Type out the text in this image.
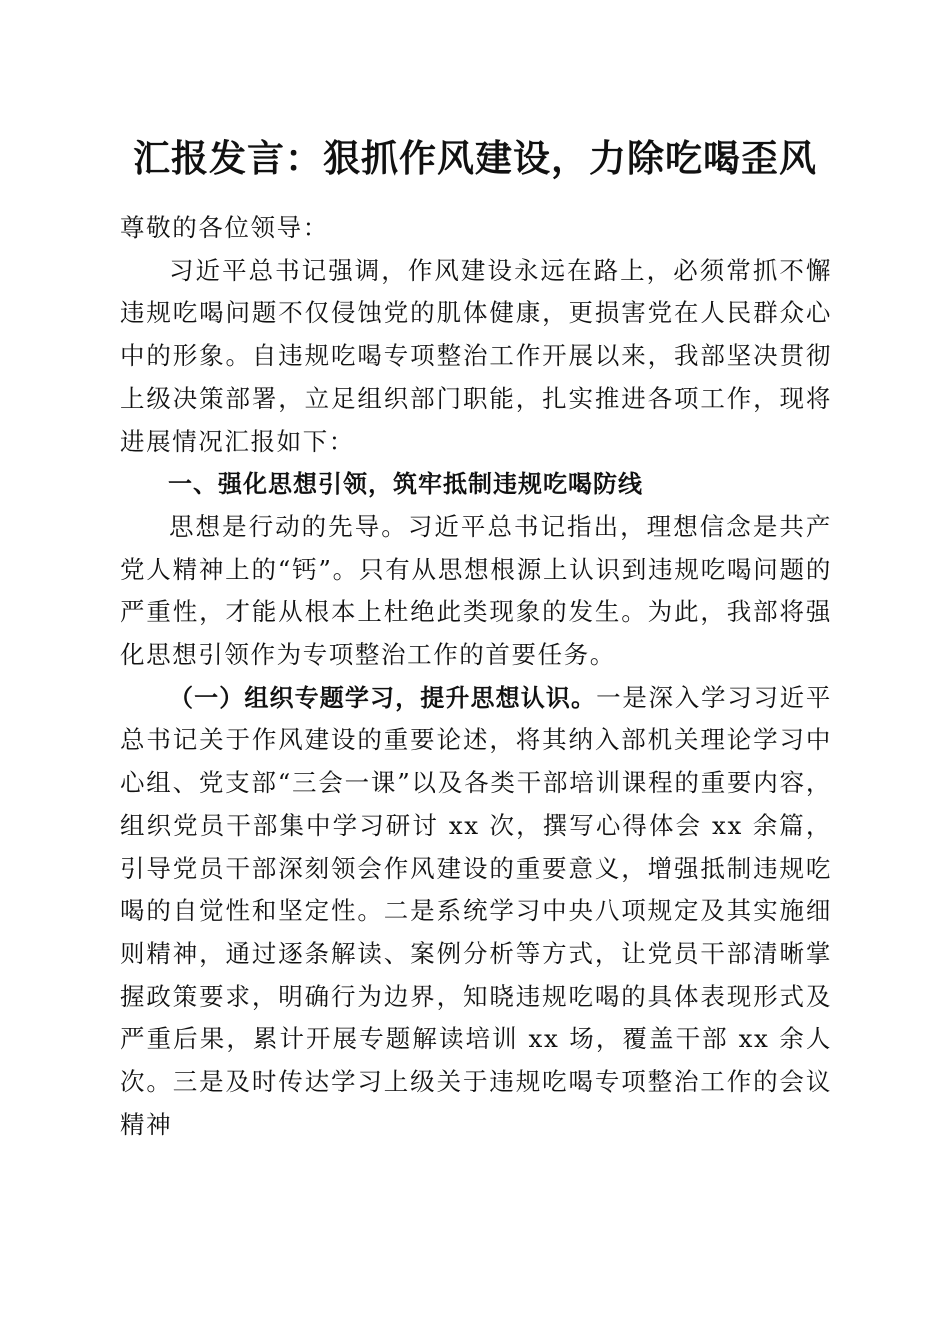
汇报发言：狠抓作风建设，力除吃喝歪风

尊敬的各位领导：

习近平总书记强调，作风建设永远在路上，必须常抓不懈违规吃喝问题不仅侵蚀党的肌体健康，更损害党在人民群众心中的形象。自违规吃喝专项整治工作开展以来，我部坚决贯彻上级决策部署，立足组织部门职能，扎实推进各项工作，现将进展情况汇报如下：

一、强化思想引领，筑牢抵制违规吃喝防线

思想是行动的先导。习近平总书记指出，理想信念是共产党人精神上的“钙”。只有从思想根源上认识到违规吃喝问题的严重性，才能从根本上杜绝此类现象的发生。为此，我部将强化思想引领作为专项整治工作的首要任务。

（一）组织专题学习，提升思想认识。一是深入学习习近平总书记关于作风建设的重要论述，将其纳入部机关理论学习中心组、党支部“三会一课”以及各类干部培训课程的重要内容，组织党员干部集中学习研讨 xx 次，撰写心得体会 xx 余篇，引导党员干部深刻领会作风建设的重要意义，增强抵制违规吃喝的自觉性和坚定性。二是系统学习中央八项规定及其实施细则精神，通过逐条解读、案例分析等方式，让党员干部清晰掌握政策要求，明确行为边界，知晓违规吃喝的具体表现形式及严重后果，累计开展专题解读培训 xx 场，覆盖干部 xx 余人次。三是及时传达学习上级关于违规吃喝专项整治工作的会议精神
